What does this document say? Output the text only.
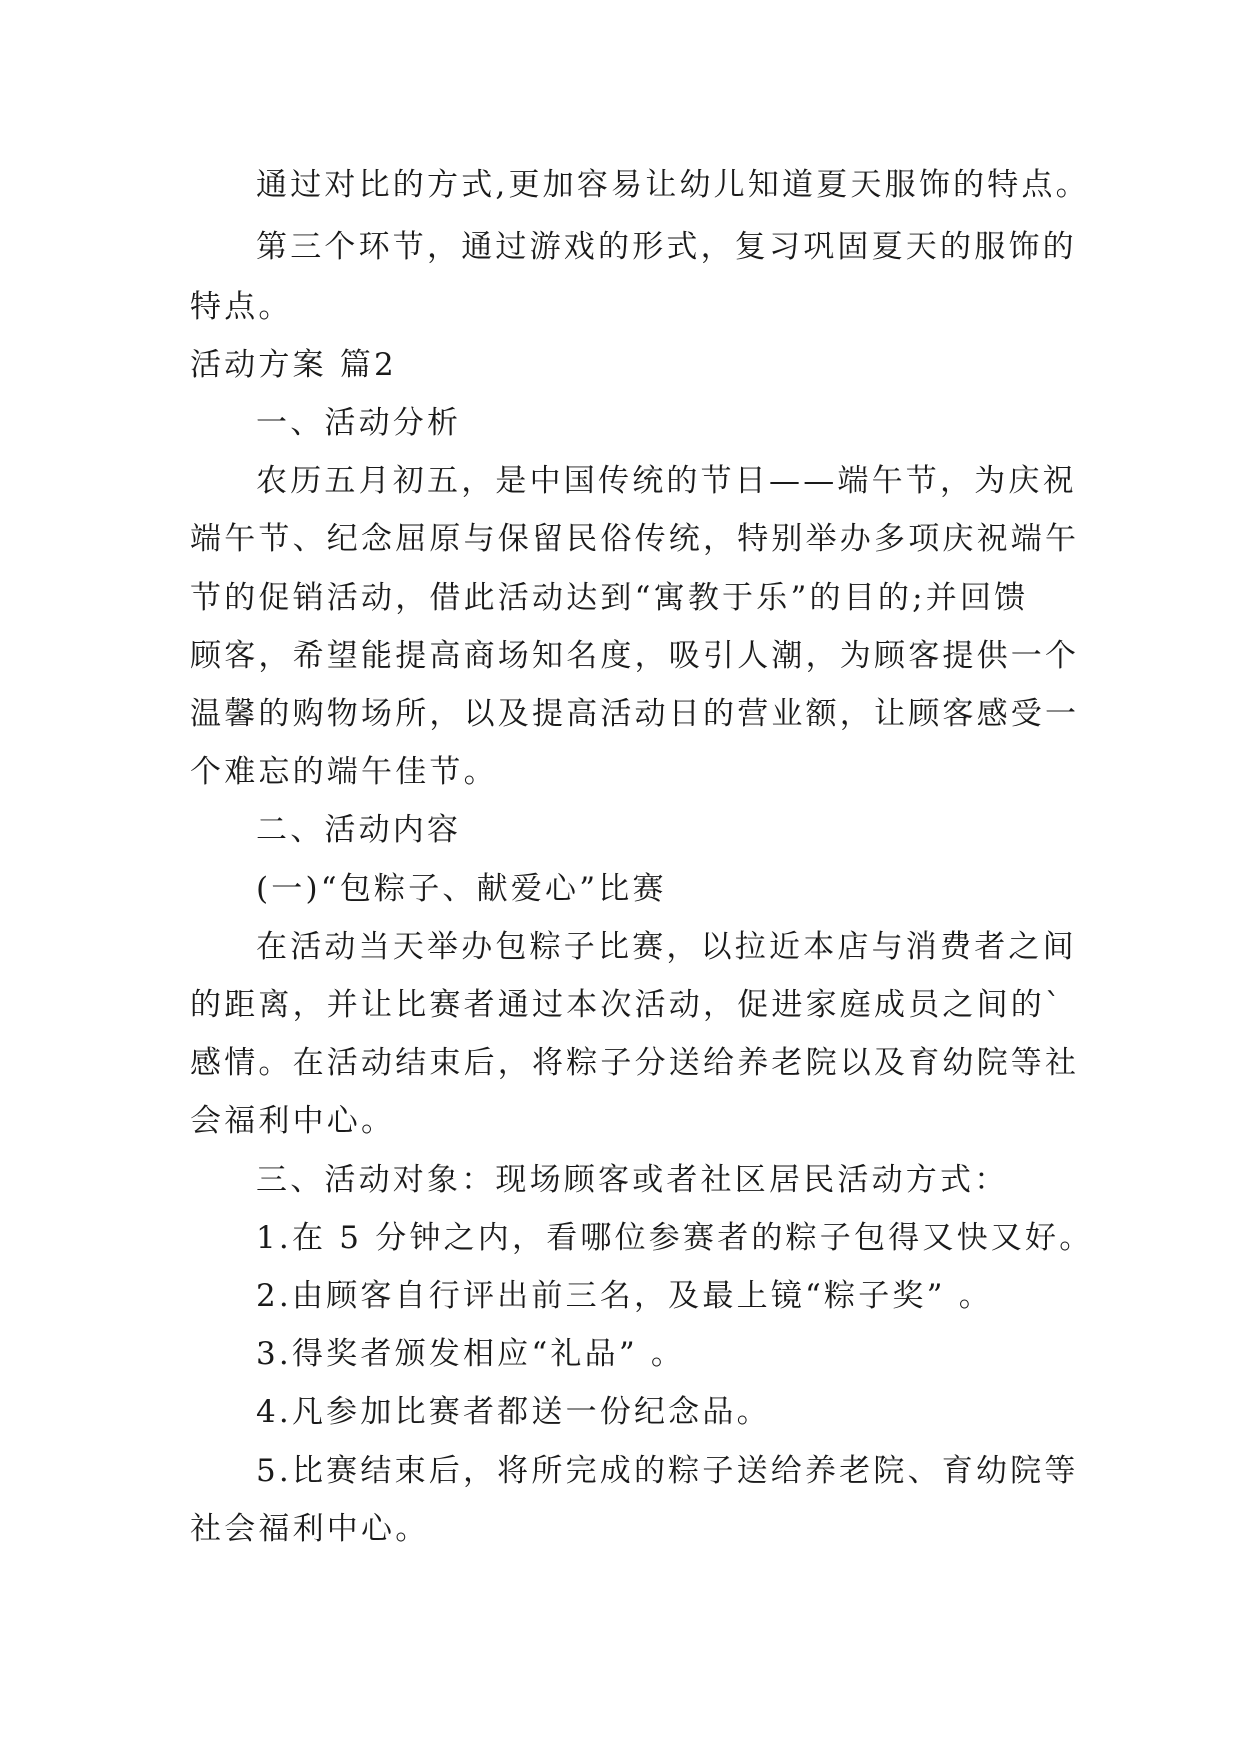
通过对比的方式,更加容易让幼儿知道夏天服饰的特点。

第三个环节，通过游戏的形式，复习巩固夏天的服饰的

特点。

活动方案 篇2

一、活动分析

农历五月初五，是中国传统的节日——端午节，为庆祝

端午节、纪念屈原与保留民俗传统，特别举办多项庆祝端午

节的促销活动，借此活动达到“寓教于乐”的目的;并回馈

顾客，希望能提高商场知名度，吸引人潮，为顾客提供一个

温馨的购物场所，以及提高活动日的营业额，让顾客感受一

个难忘的端午佳节。

二、活动内容

(一)“包粽子、献爱心”比赛

在活动当天举办包粽子比赛，以拉近本店与消费者之间

的距离，并让比赛者通过本次活动，促进家庭成员之间的`

感情。在活动结束后，将粽子分送给养老院以及育幼院等社

会福利中心。

三、活动对象：现场顾客或者社区居民活动方式：

1.在 5 分钟之内，看哪位参赛者的粽子包得又快又好。

2.由顾客自行评出前三名，及最上镜“粽子奖” 。

3.得奖者颁发相应“礼品” 。

4.凡参加比赛者都送一份纪念品。

5.比赛结束后，将所完成的粽子送给养老院、育幼院等

社会福利中心。
